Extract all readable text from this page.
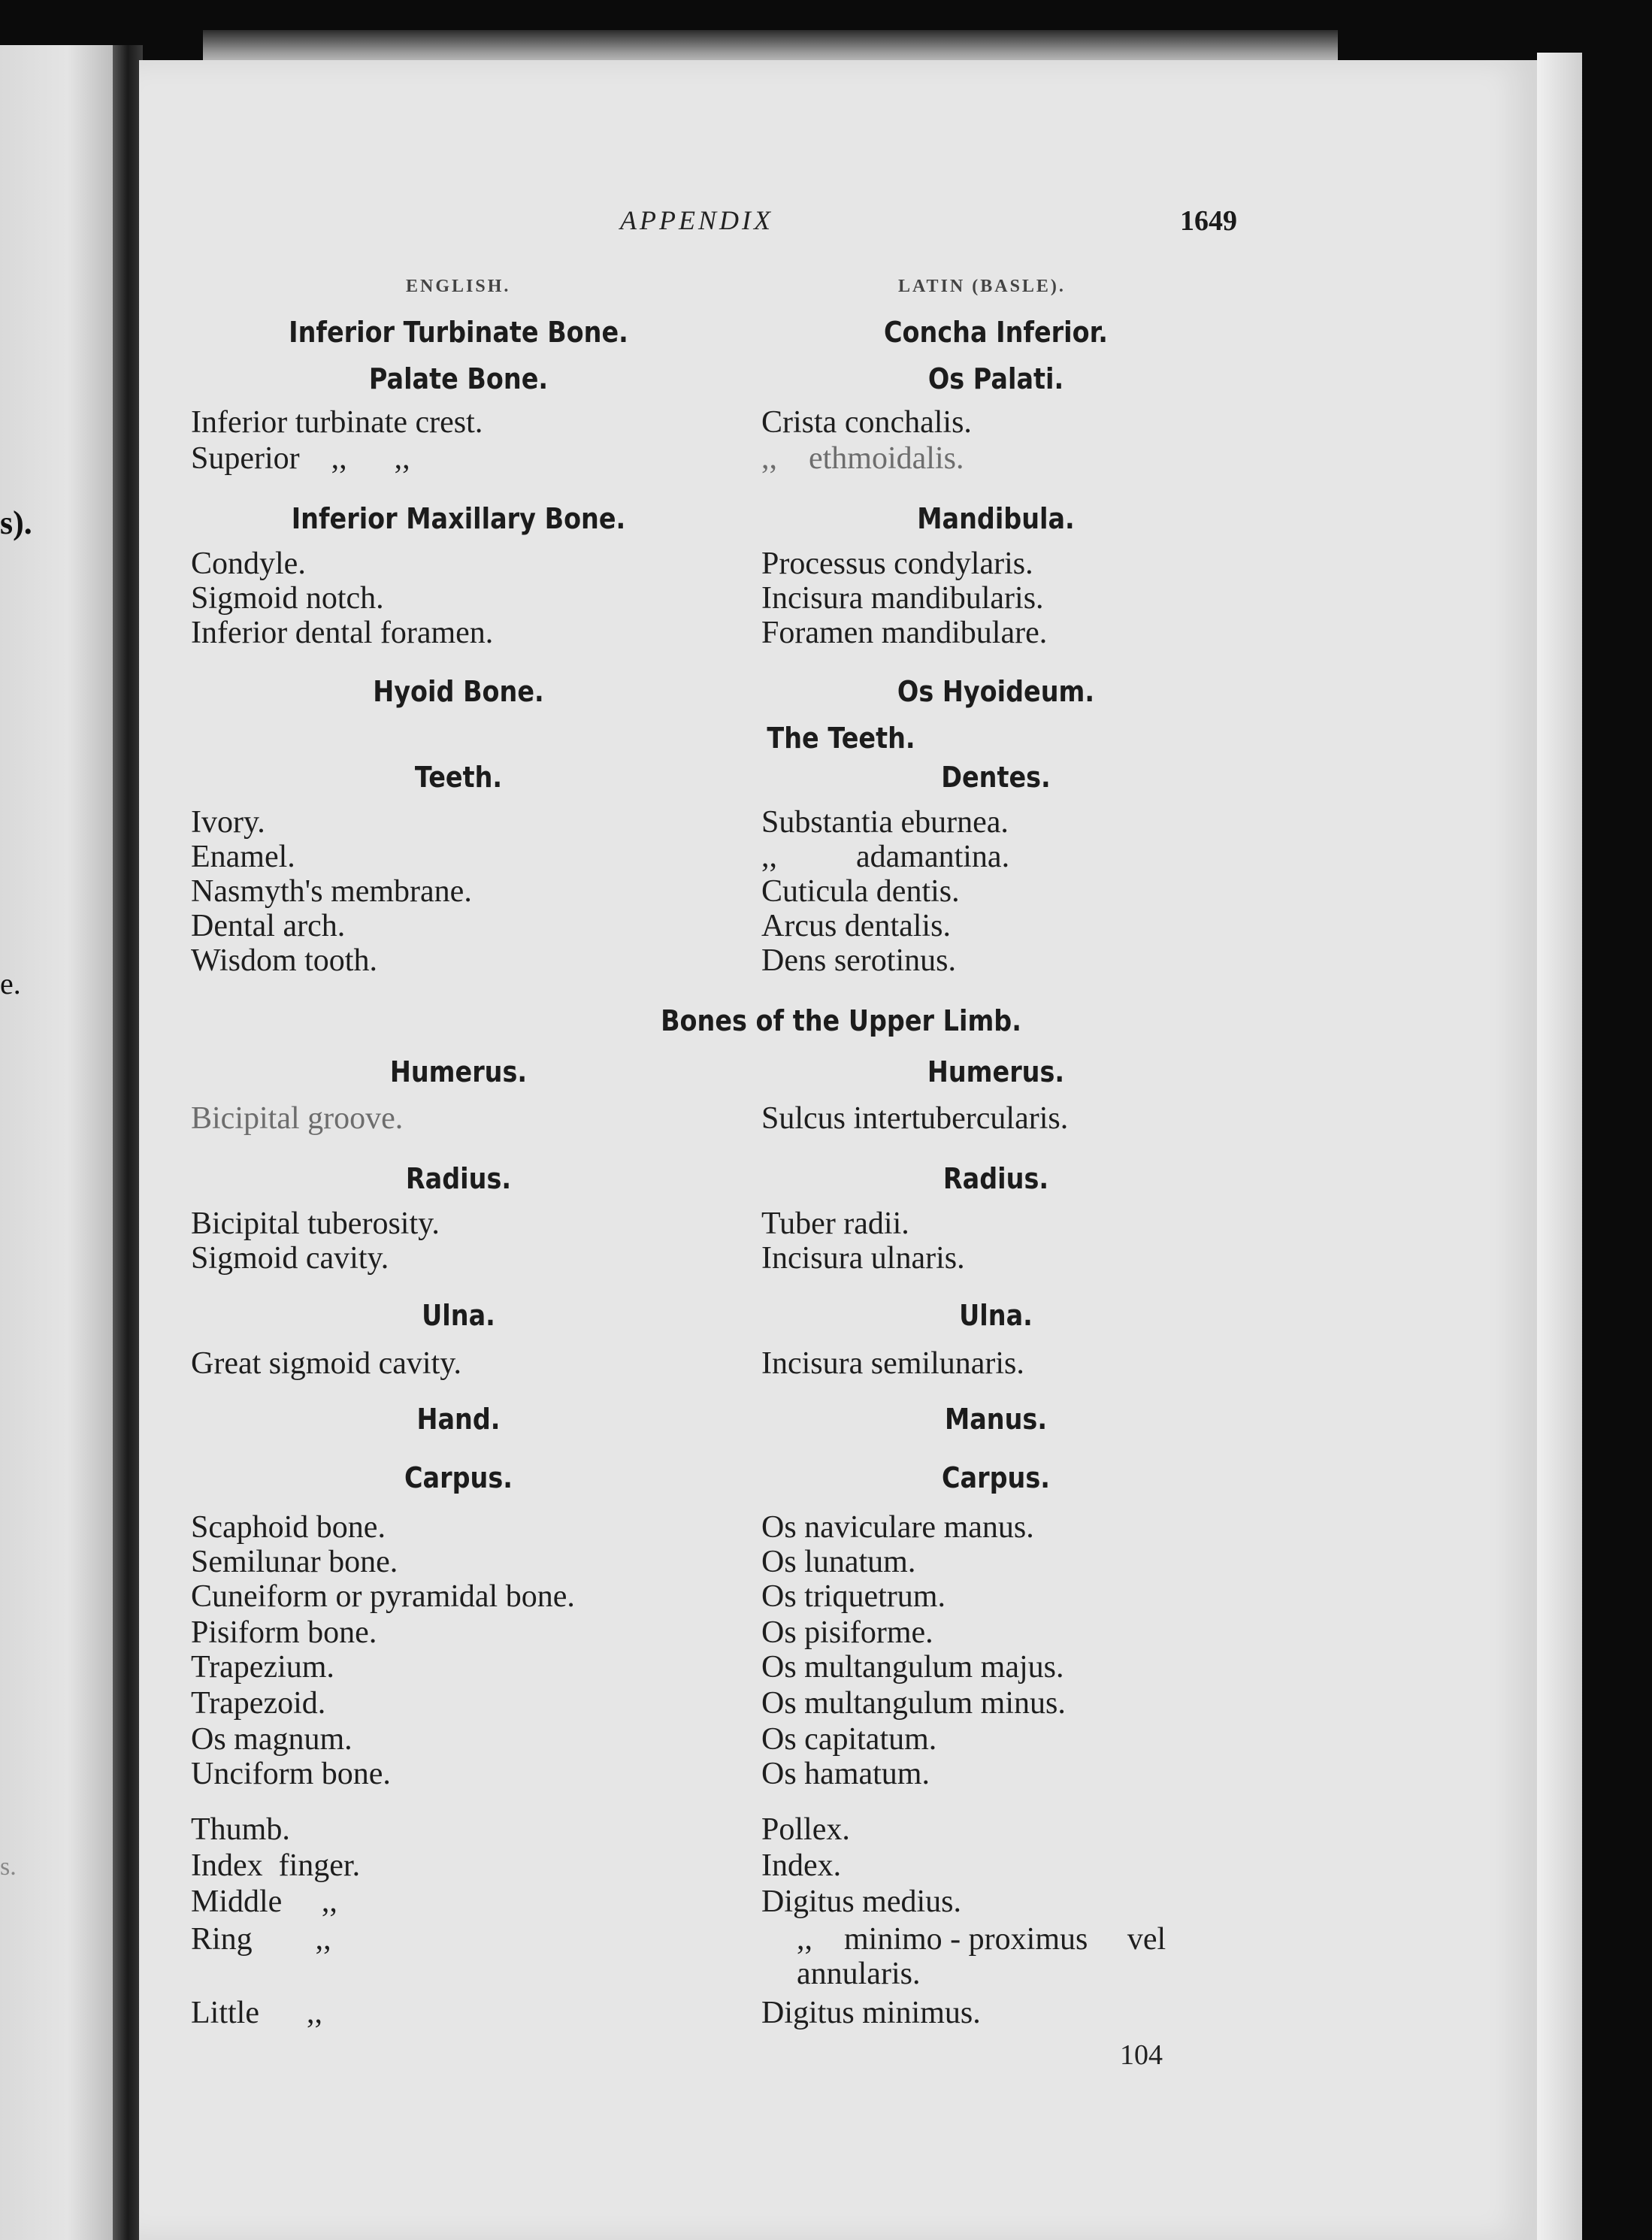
s).
e.
s.
APPENDIX	1649
ENGLISH.	LATIN (BASLE).
Inferior Turbinate Bone.	Concha Inferior.
Palate Bone.	Os Palati.
Inferior turbinate crest.	Crista conchalis.
Superior    ,,      ,,	,,    ethmoidalis.
Inferior Maxillary Bone.	Mandibula.
Condyle.	Processus condylaris.
Sigmoid notch.	Incisura mandibularis.
Inferior dental foramen.	Foramen mandibulare.
Hyoid Bone.	Os Hyoideum.
The Teeth.
Teeth.	Dentes.
Ivory.	Substantia eburnea.
Enamel.	,,          adamantina.
Nasmyth's membrane.	Cuticula dentis.
Dental arch.	Arcus dentalis.
Wisdom tooth.	Dens serotinus.
Bones of the Upper Limb.
Humerus.	Humerus.
Bicipital groove.	Sulcus intertubercularis.
Radius.	Radius.
Bicipital tuberosity.	Tuber radii.
Sigmoid cavity.	Incisura ulnaris.
Ulna.	Ulna.
Great sigmoid cavity.	Incisura semilunaris.
Hand.	Manus.
Carpus.	Carpus.
Scaphoid bone.	Os naviculare manus.
Semilunar bone.	Os lunatum.
Cuneiform or pyramidal bone.	Os triquetrum.
Pisiform bone.	Os pisiforme.
Trapezium.	Os multangulum majus.
Trapezoid.	Os multangulum minus.
Os magnum.	Os capitatum.
Unciform bone.	Os hamatum.
Thumb.	Pollex.
Index  finger.	Index.
Middle     ,,	Digitus medius.
Ring        ,,	,,    minimo - proximus     vel
annularis.
Little      ,,	Digitus minimus.
104
